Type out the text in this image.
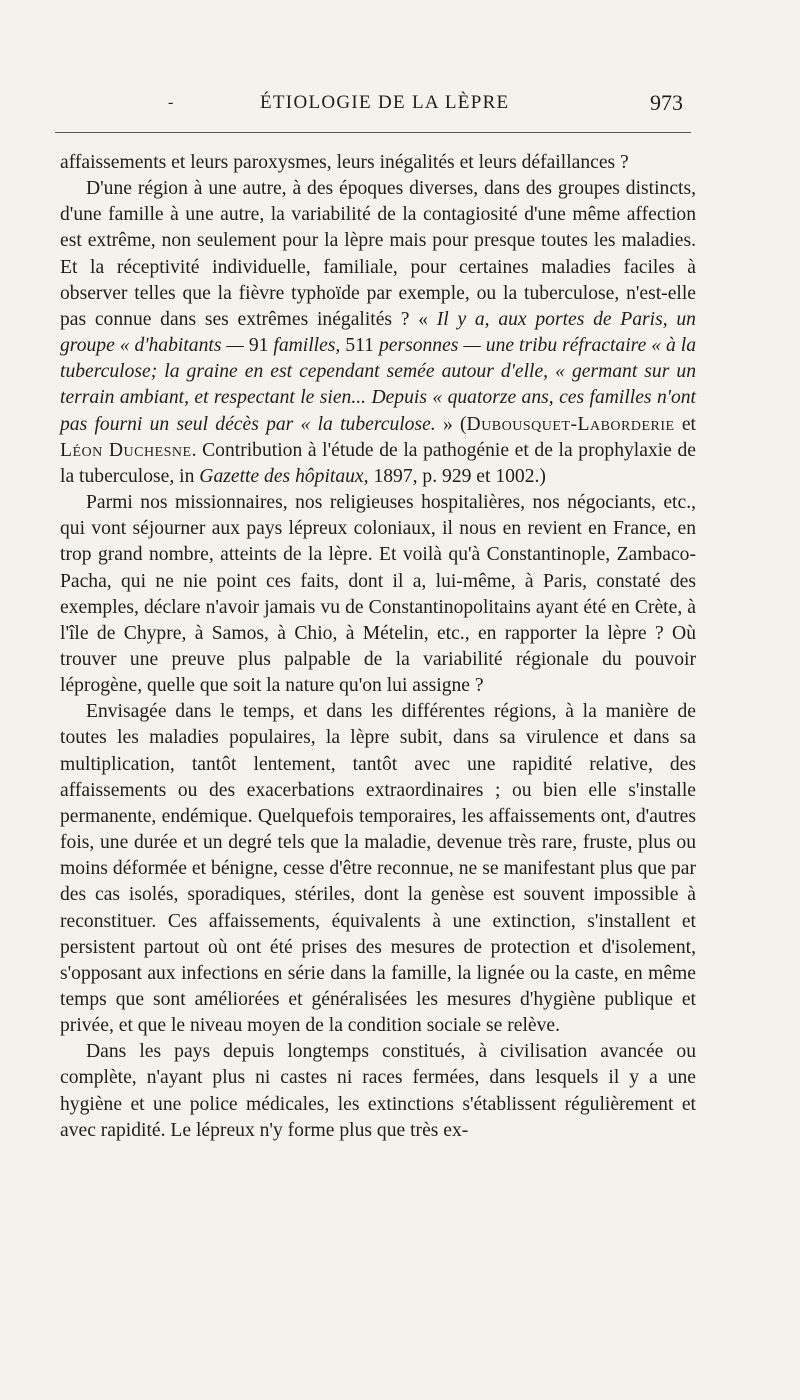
-	ÉTIOLOGIE DE LA LÈPRE	973

affaissements et leurs paroxysmes, leurs inégalités et leurs défaillances ?

D'une région à une autre, à des époques diverses, dans des groupes distincts, d'une famille à une autre, la variabilité de la contagiosité d'une même affection est extrême, non seulement pour la lèpre mais pour presque toutes les maladies. Et la réceptivité individuelle, familiale, pour certaines maladies faciles à observer telles que la fièvre typhoïde par exemple, ou la tuberculose, n'est-elle pas connue dans ses extrêmes inégalités ? « Il y a, aux portes de Paris, un groupe « d'habitants — 91 familles, 511 personnes — une tribu réfractaire « à la tuberculose; la graine en est cependant semée autour d'elle, « germant sur un terrain ambiant, et respectant le sien... Depuis « quatorze ans, ces familles n'ont pas fourni un seul décès par « la tuberculose. » (Dubousquet-Laborderie et Léon Duchesne. Contribution à l'étude de la pathogénie et de la prophylaxie de la tuberculose, in Gazette des hôpitaux, 1897, p. 929 et 1002.)

Parmi nos missionnaires, nos religieuses hospitalières, nos négociants, etc., qui vont séjourner aux pays lépreux coloniaux, il nous en revient en France, en trop grand nombre, atteints de la lèpre. Et voilà qu'à Constantinople, Zambaco-Pacha, qui ne nie point ces faits, dont il a, lui-même, à Paris, constaté des exemples, déclare n'avoir jamais vu de Constantinopolitains ayant été en Crète, à l'île de Chypre, à Samos, à Chio, à Mételin, etc., en rapporter la lèpre ? Où trouver une preuve plus palpable de la variabilité régionale du pouvoir léprogène, quelle que soit la nature qu'on lui assigne ?

Envisagée dans le temps, et dans les différentes régions, à la manière de toutes les maladies populaires, la lèpre subit, dans sa virulence et dans sa multiplication, tantôt lentement, tantôt avec une rapidité relative, des affaissements ou des exacerbations extraordinaires ; ou bien elle s'installe permanente, endémique. Quelquefois temporaires, les affaissements ont, d'autres fois, une durée et un degré tels que la maladie, devenue très rare, fruste, plus ou moins déformée et bénigne, cesse d'être reconnue, ne se manifestant plus que par des cas isolés, sporadiques, stériles, dont la genèse est souvent impossible à reconstituer. Ces affaissements, équivalents à une extinction, s'installent et persistent partout où ont été prises des mesures de protection et d'isolement, s'opposant aux infections en série dans la famille, la lignée ou la caste, en même temps que sont améliorées et généralisées les mesures d'hygiène publique et privée, et que le niveau moyen de la condition sociale se relève.

Dans les pays depuis longtemps constitués, à civilisation avancée ou complète, n'ayant plus ni castes ni races fermées, dans lesquels il y a une hygiène et une police médicales, les extinctions s'établissent régulièrement et avec rapidité. Le lépreux n'y forme plus que très ex-
